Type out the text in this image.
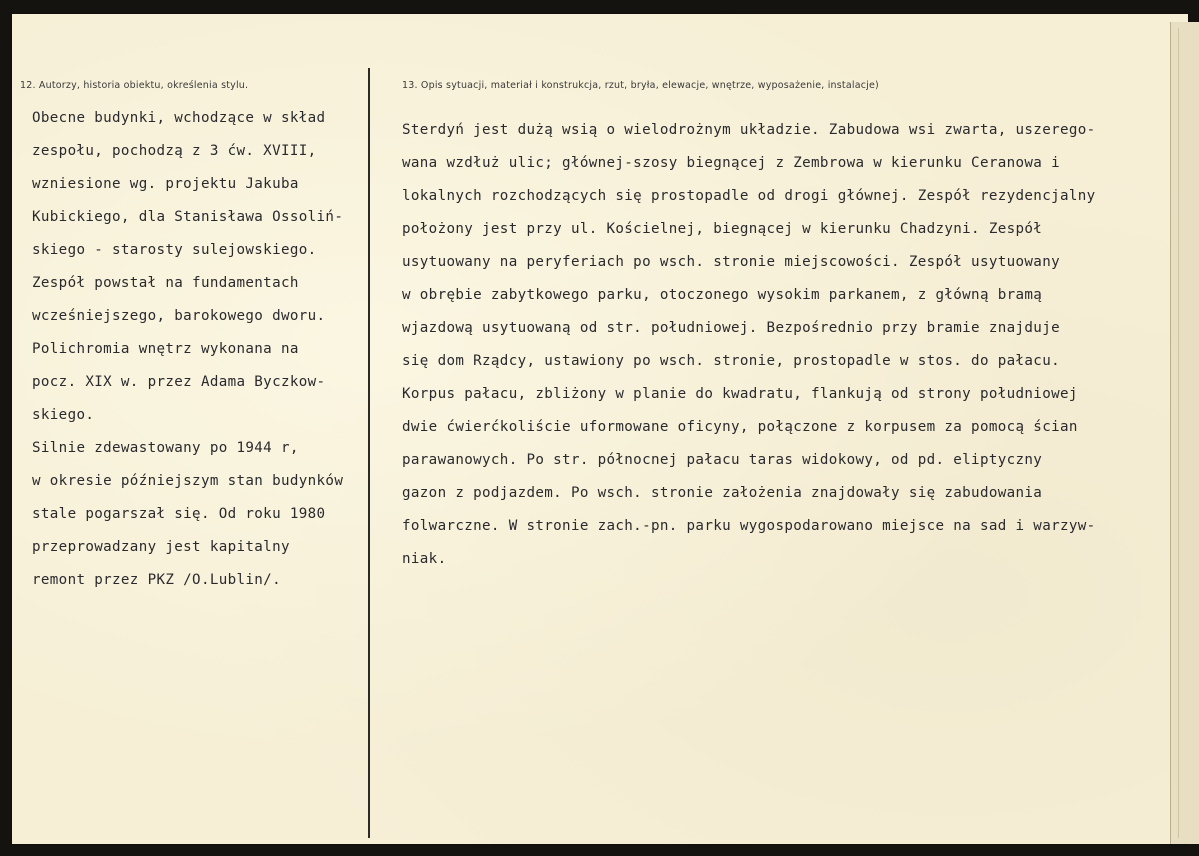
12. Autorzy, historia obiektu, określenia stylu.	13. Opis sytuacji, materiał i konstrukcja, rzut, bryła, elewacje, wnętrze, wyposażenie, instalacje)
Obecne budynki, wchodzące w skład
zespołu, pochodzą z 3 ćw. XVIII,
wzniesione wg. projektu Jakuba
Kubickiego, dla Stanisława Ossoliń-
skiego - starosty sulejowskiego.
Zespół powstał na fundamentach
wcześniejszego, barokowego dworu.
Polichromia wnętrz wykonana na
pocz. XIX w. przez Adama Byczkow-
skiego.
Silnie zdewastowany po 1944 r,
w okresie późniejszym stan budynków
stale pogarszał się. Od roku 1980
przeprowadzany jest kapitalny
remont przez PKZ /O.Lublin/.
Sterdyń jest dużą wsią o wielodrożnym układzie. Zabudowa wsi zwarta, uszerego-
wana wzdłuż ulic; głównej-szosy biegnącej z Zembrowa w kierunku Ceranowa i
lokalnych rozchodzących się prostopadle od drogi głównej. Zespół rezydencjalny
położony jest przy ul. Kościelnej, biegnącej w kierunku Chadzyni. Zespół
usytuowany na peryferiach po wsch. stronie miejscowości. Zespół usytuowany
w obrębie zabytkowego parku, otoczonego wysokim parkanem, z główną bramą
wjazdową usytuowaną od str. południowej. Bezpośrednio przy bramie znajduje
się dom Rządcy, ustawiony po wsch. stronie, prostopadle w stos. do pałacu.
Korpus pałacu, zbliżony w planie do kwadratu, flankują od strony południowej
dwie ćwierćkoliście uformowane oficyny, połączone z korpusem za pomocą ścian
parawanowych. Po str. północnej pałacu taras widokowy, od pd. eliptyczny
gazon z podjazdem. Po wsch. stronie założenia znajdowały się zabudowania
folwarczne. W stronie zach.-pn. parku wygospodarowano miejsce na sad i warzyw-
niak.
